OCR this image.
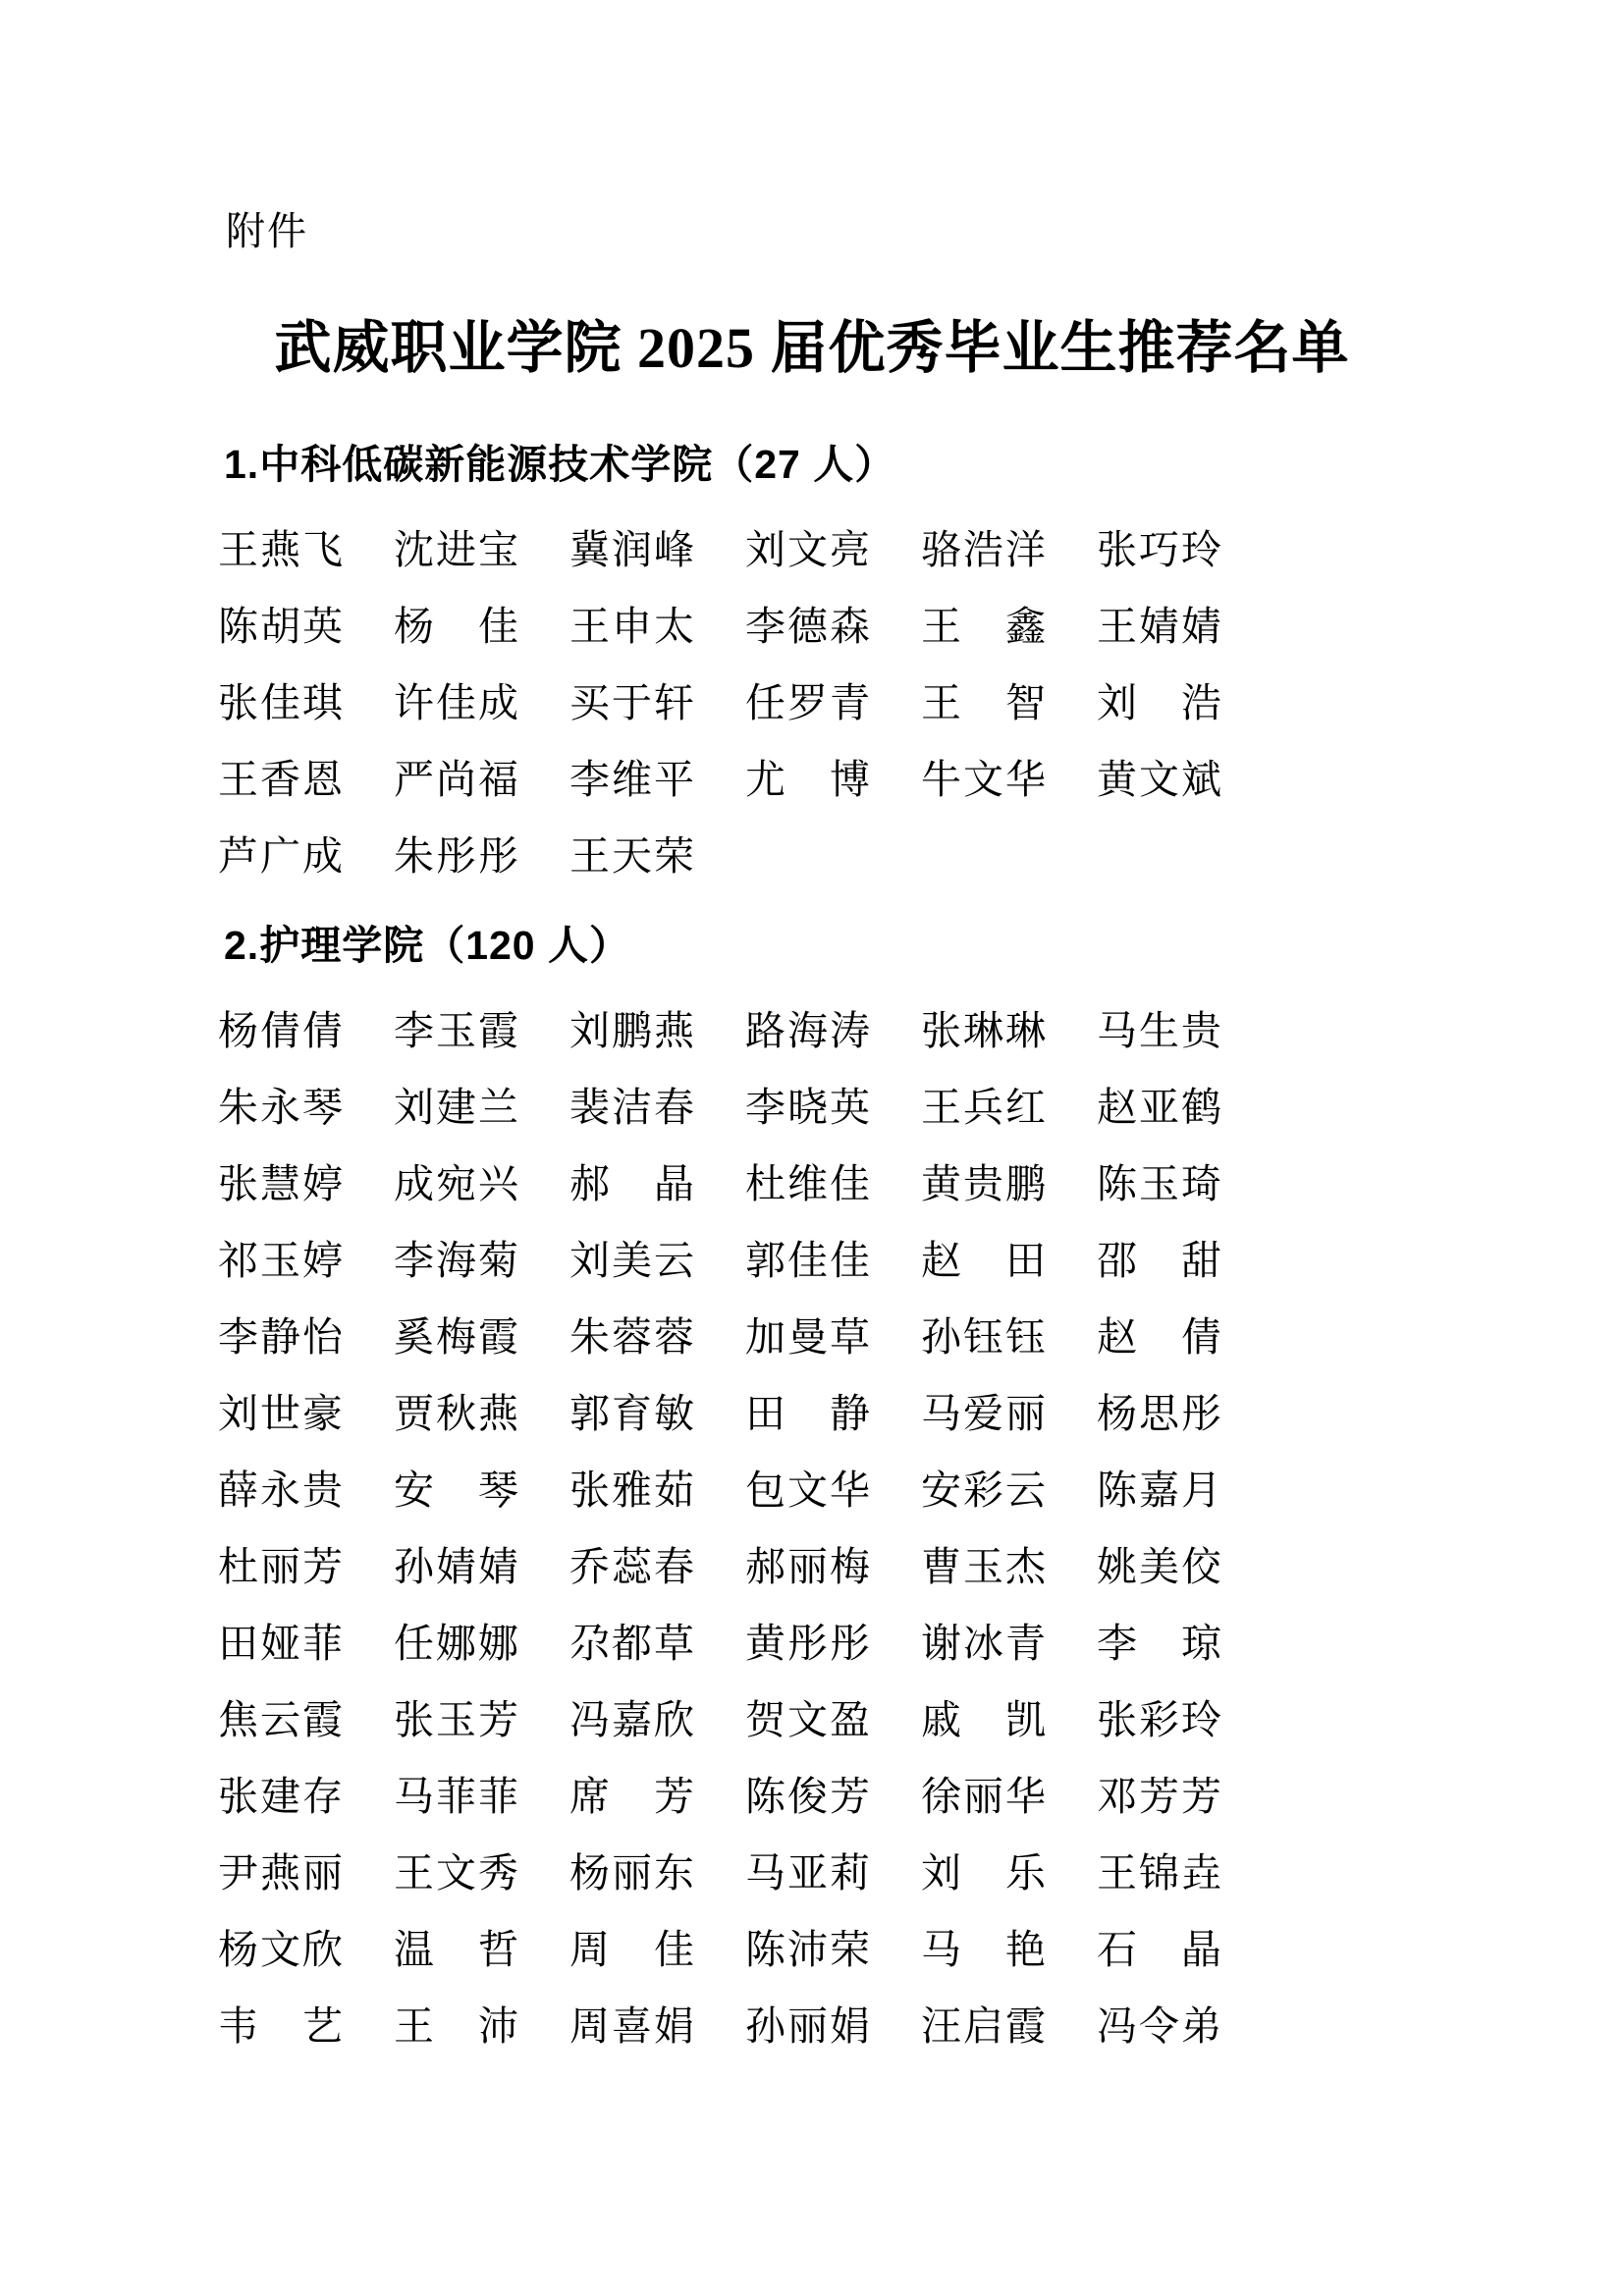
附件
武威职业学院 2025 届优秀毕业生推荐名单
1.中科低碳新能源技术学院（27 人）
王燕飞 沈进宝 冀润峰 刘文亮 骆浩洋 张巧玲
陈胡英 杨佳 王申太 李德森 王鑫 王婧婧
张佳琪 许佳成 买于轩 任罗青 王智 刘浩
王香恩 严尚福 李维平 尤博 牛文华 黄文斌
芦广成 朱彤彤 王天荣
2.护理学院（120 人）
杨倩倩 李玉霞 刘鹏燕 路海涛 张琳琳 马生贵
朱永琴 刘建兰 裴洁春 李晓英 王兵红 赵亚鹤
张慧婷 成宛兴 郝晶 杜维佳 黄贵鹏 陈玉琦
祁玉婷 李海菊 刘美云 郭佳佳 赵田 邵甜
李静怡 奚梅霞 朱蓉蓉 加曼草 孙钰钰 赵倩
刘世豪 贾秋燕 郭育敏 田静 马爱丽 杨思彤
薛永贵 安琴 张雅茹 包文华 安彩云 陈嘉月
杜丽芳 孙婧婧 乔蕊春 郝丽梅 曹玉杰 姚美佼
田娅菲 任娜娜 尕都草 黄彤彤 谢冰青 李琼
焦云霞 张玉芳 冯嘉欣 贺文盈 戚凯 张彩玲
张建存 马菲菲 席芳 陈俊芳 徐丽华 邓芳芳
尹燕丽 王文秀 杨丽东 马亚莉 刘乐 王锦垚
杨文欣 温哲 周佳 陈沛荣 马艳 石晶
韦艺 王沛 周喜娟 孙丽娟 汪启霞 冯令弟
